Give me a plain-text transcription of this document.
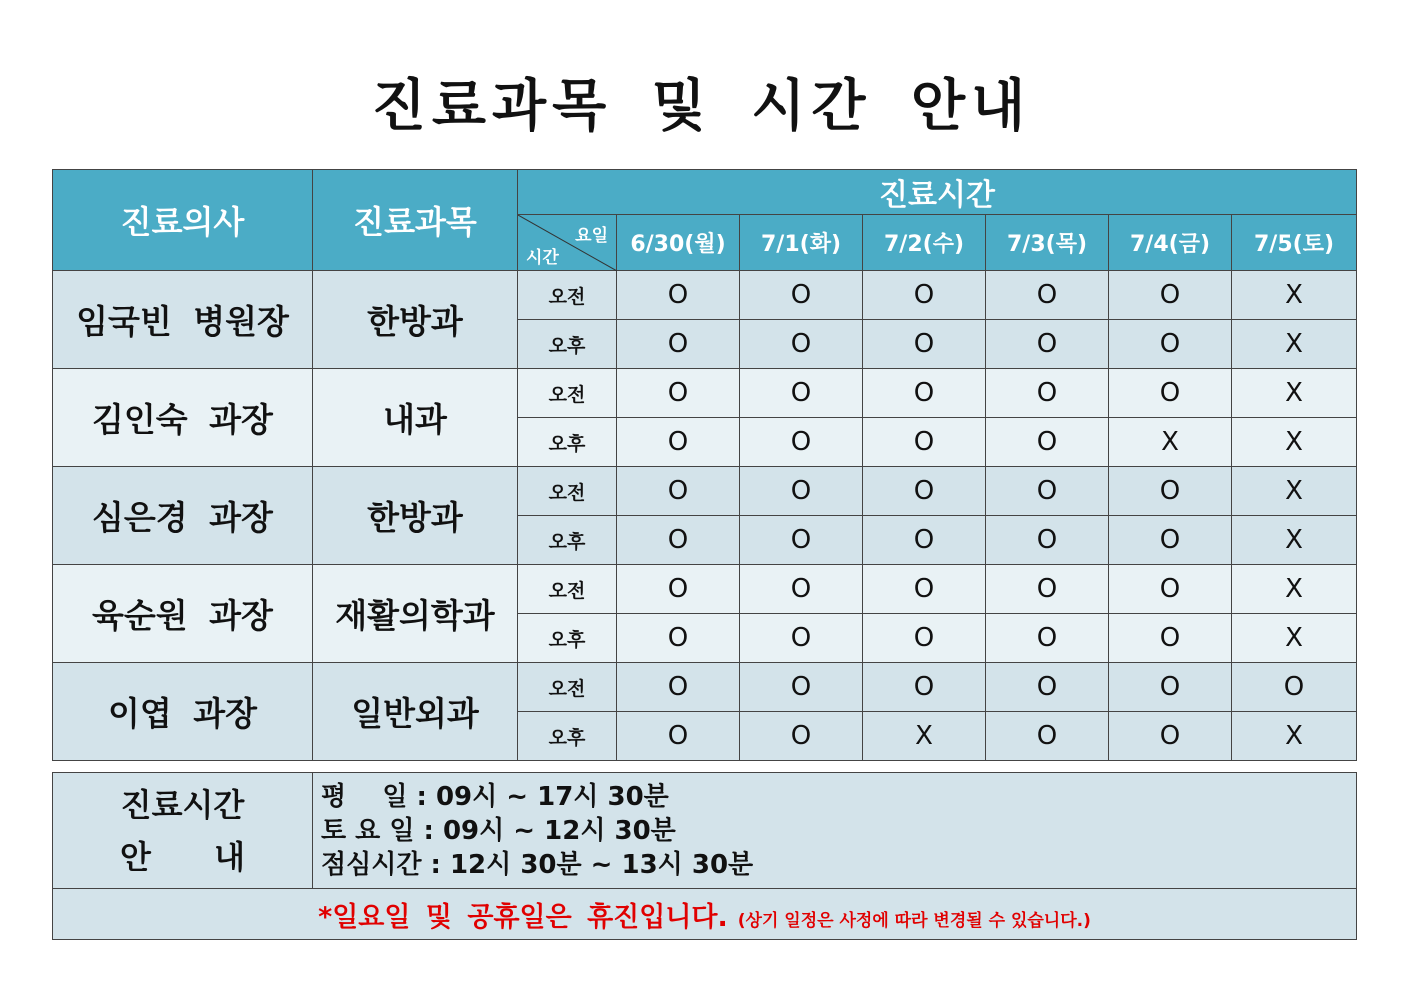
진료과목 및 시간 안내
진료의사	진료과목	진료시간						

		요일
시간	6/30(월)	7/1(화)	7/2(수)	7/3(목)	7/4(금)	7/5(토)
임국빈 병원장	한방과	오전	O	O	O	O	O	X
		오후	O	O	O	O	O	X
김인숙 과장	내과	오전	O	O	O	O	O	X
		오후	O	O	O	O	X	X
심은경 과장	한방과	오전	O	O	O	O	O	X
		오후	O	O	O	O	O	X
육순원 과장	재활의학과	오전	O	O	O	O	O	X
		오후	O	O	O	O	O	X
이엽 과장	일반외과	오전	O	O	O	O	O	O
		오후	O	O	X	O	O	X
진료시간
안 내

평    일 : 09시 ~ 17시 30분
토 요 일 : 09시 ~ 12시 30분
점심시간 : 12시 30분 ~ 13시 30분

*일요일 및 공휴일은 휴진입니다. (상기 일정은 사정에 따라 변경될 수 있습니다.)
